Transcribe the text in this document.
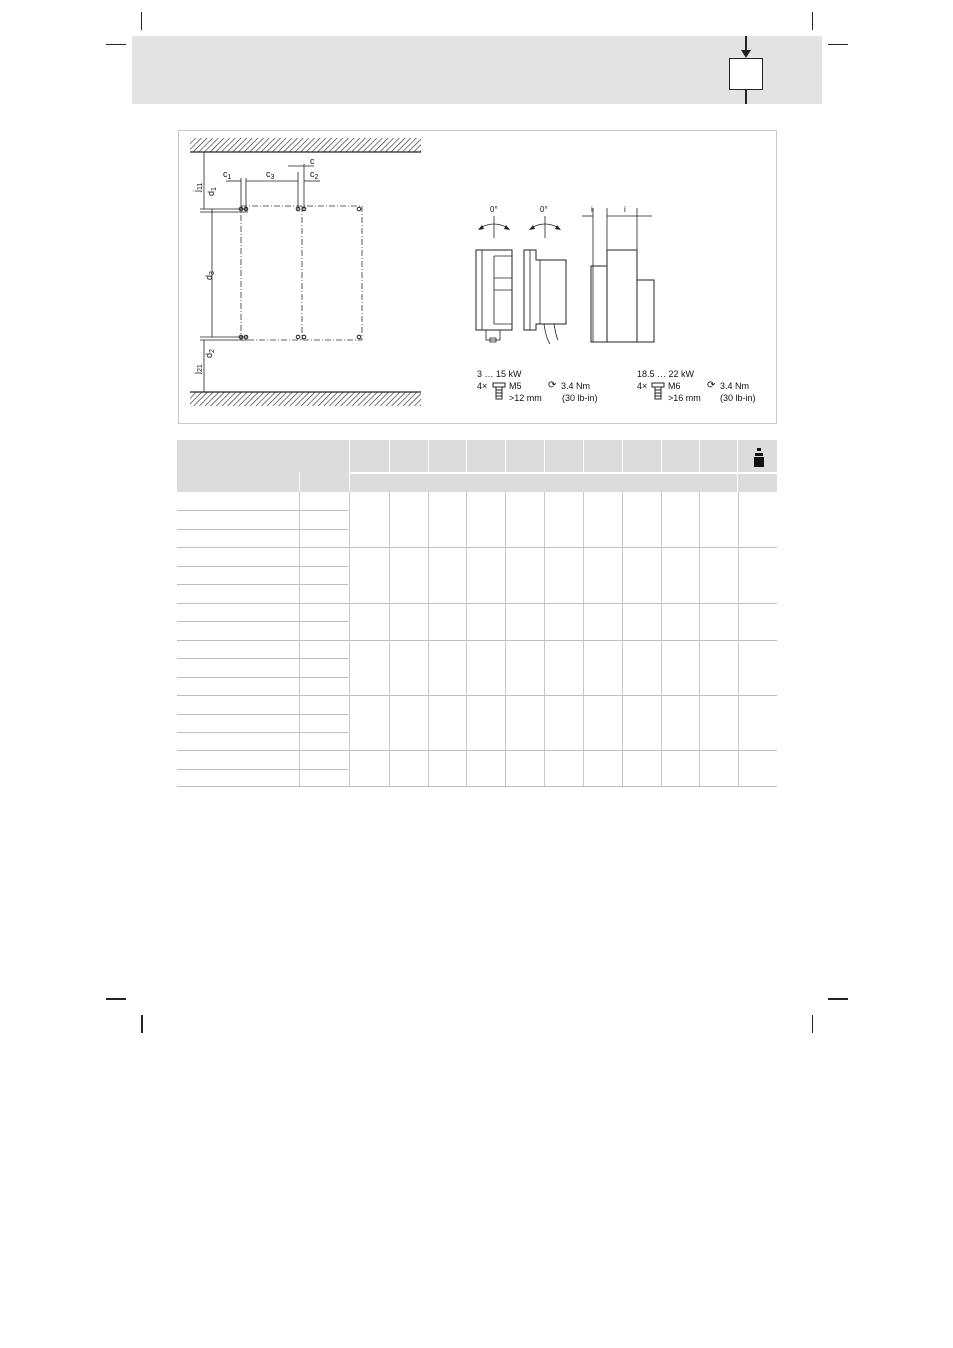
c
$c_1$	$c_3$	$c_2$
$j_{11}$
$d_1$
$d_3$
$d_2$
$j_{21}$
0°	0°	i	i
3 … 15 kW
4× M5
>12 mm
⟳ 3.4 Nm
(30 lb-in)
18.5 … 22 kW
4× M6
>16 mm
⟳ 3.4 Nm
(30 lb-in)
